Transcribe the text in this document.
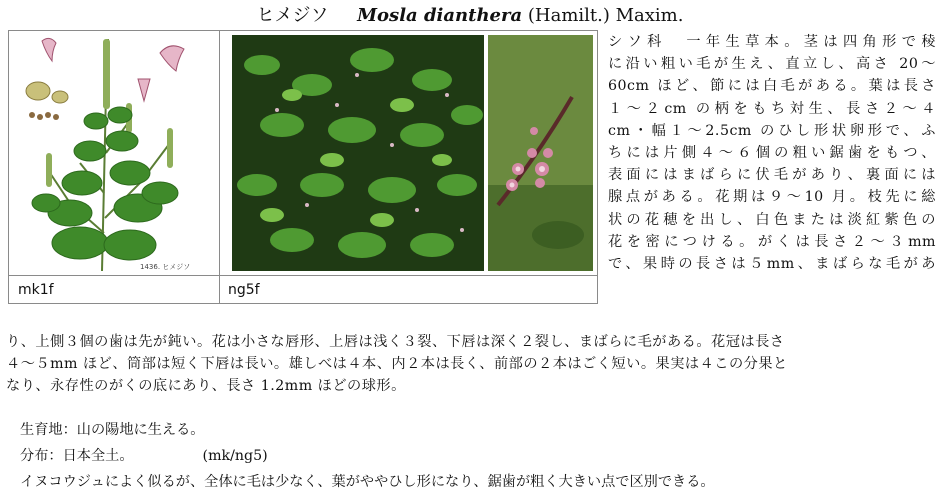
ヒメジソ Mosla dianthera (Hamilt.) Maxim.
1436. ヒメジソ
mk1f	ng5f
シソ科　一年生草本。茎は四角形で稜
に沿い粗い毛が生え、直立し、高さ 20〜
60cm ほど、節には白毛がある。葉は長さ
１〜２cm の柄をもち対生、長さ２〜４
cm・幅１〜2.5cm のひし形状卵形で、ふ
ちには片側４〜６個の粗い鋸歯をもつ、
表面にはまばらに伏毛があり、裏面には
腺点がある。花期は９〜10 月。枝先に総
状の花穂を出し、白色または淡紅紫色の
花を密につける。がくは長さ２〜３mm
で、果時の長さは５mm、まばらな毛があ
り、上側３個の歯は先が鈍い。花は小さな唇形、上唇は浅く３裂、下唇は深く２裂し、まばらに毛がある。花冠は長さ
４〜５mm ほど、筒部は短く下唇は長い。雄しべは４本、内２本は長く、前部の２本はごく短い。果実は４この分果と
なり、永存性のがくの底にあり、長さ 1.2mm ほどの球形。
生育地：山の陽地に生える。
分布：日本全土。	(mk/ng5)
イヌコウジュによく似るが、全体に毛は少なく、葉がややひし形になり、鋸歯が粗く大きい点で区別できる。
